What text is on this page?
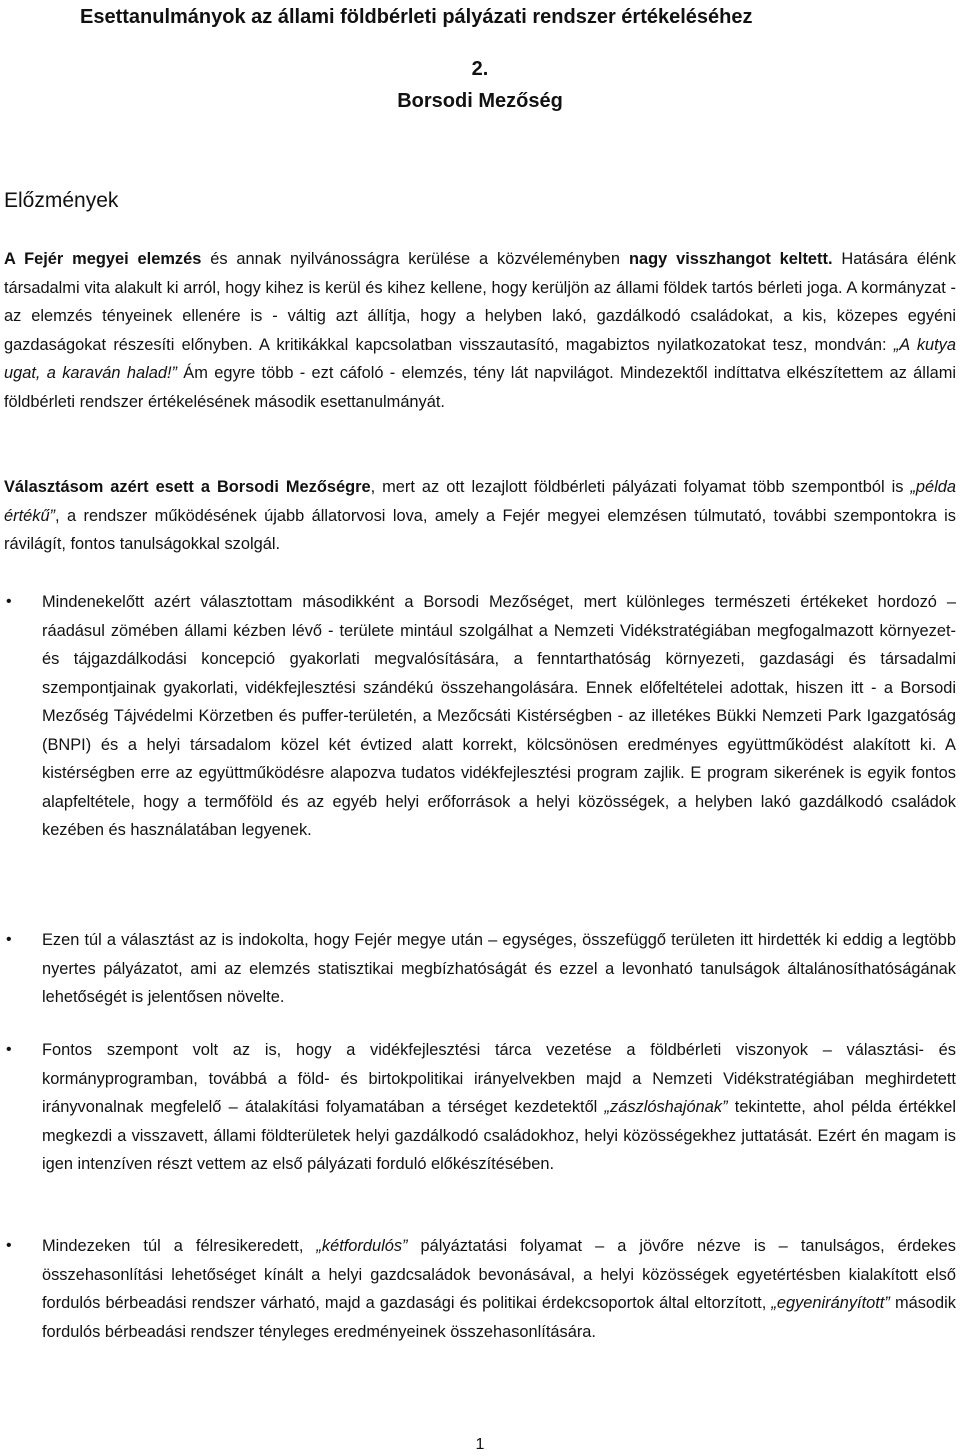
Esettanulmányok az állami földbérleti pályázati rendszer értékeléséhez
2.
Borsodi Mezőség
Előzmények

A Fejér megyei elemzés és annak nyilvánosságra kerülése a közvéleményben nagy visszhangot keltett. Hatására élénk társadalmi vita alakult ki arról, hogy kihez is kerül és kihez kellene, hogy kerüljön az állami földek tartós bérleti joga. A kormányzat - az elemzés tényeinek ellenére is - váltig azt állítja, hogy a helyben lakó, gazdálkodó családokat, a kis, közepes egyéni gazdaságokat részesíti előnyben. A kritikákkal kapcsolatban visszautasító, magabiztos nyilatkozatokat tesz, mondván: „A kutya ugat, a karaván halad!” Ám egyre több - ezt cáfoló - elemzés, tény lát napvilágot. Mindezektől indíttatva elkészítettem az állami földbérleti rendszer értékelésének második esettanulmányát.

Választásom azért esett a Borsodi Mezőségre, mert az ott lezajlott földbérleti pályázati folyamat több szempontból is „példa értékű”, a rendszer működésének újabb állatorvosi lova, amely a Fejér megyei elemzésen túlmutató, további szempontokra is rávilágít, fontos tanulságokkal szolgál.

• Mindenekelőtt azért választottam másodikként a Borsodi Mezőséget, mert különleges természeti értékeket hordozó – ráadásul zömében állami kézben lévő - területe mintául szolgálhat a Nemzeti Vidékstratégiában megfogalmazott környezet- és tájgazdálkodási koncepció gyakorlati megvalósítására, a fenntarthatóság környezeti, gazdasági és társadalmi szempontjainak gyakorlati, vidékfejlesztési szándékú összehangolására. Ennek előfeltételei adottak, hiszen itt - a Borsodi Mezőség Tájvédelmi Körzetben és puffer-területén, a Mezőcsáti Kistérségben - az illetékes Bükki Nemzeti Park Igazgatóság (BNPI) és a helyi társadalom közel két évtized alatt korrekt, kölcsönösen eredményes együttműködést alakított ki. A kistérségben erre az együttműködésre alapozva tudatos vidékfejlesztési program zajlik. E program sikerének is egyik fontos alapfeltétele, hogy a termőföld és az egyéb helyi erőforrások a helyi közösségek, a helyben lakó gazdálkodó családok kezében és használatában legyenek.

• Ezen túl a választást az is indokolta, hogy Fejér megye után – egységes, összefüggő területen itt hirdették ki eddig a legtöbb nyertes pályázatot, ami az elemzés statisztikai megbízhatóságát és ezzel a levonható tanulságok általánosíthatóságának lehetőségét is jelentősen növelte.

• Fontos szempont volt az is, hogy a vidékfejlesztési tárca vezetése a földbérleti viszonyok – választási- és kormányprogramban, továbbá a föld- és birtokpolitikai irányelvekben majd a Nemzeti Vidékstratégiában meghirdetett irányvonalnak megfelelő – átalakítási folyamatában a térséget kezdetektől „zászlóshajónak” tekintette, ahol példa értékkel megkezdi a visszavett, állami földterületek helyi gazdálkodó családokhoz, helyi közösségekhez juttatását. Ezért én magam is igen intenzíven részt vettem az első pályázati forduló előkészítésében.

• Mindezeken túl a félresikeredett, „kétfordulós” pályáztatási folyamat – a jövőre nézve is – tanulságos, érdekes összehasonlítási lehetőséget kínált a helyi gazdcsaládok bevonásával, a helyi közösségek egyetértésben kialakított első fordulós bérbeadási rendszer várható, majd a gazdasági és politikai érdekcsoportok által eltorzított, „egyenirányított” második fordulós bérbeadási rendszer tényleges eredményeinek összehasonlítására.

1
